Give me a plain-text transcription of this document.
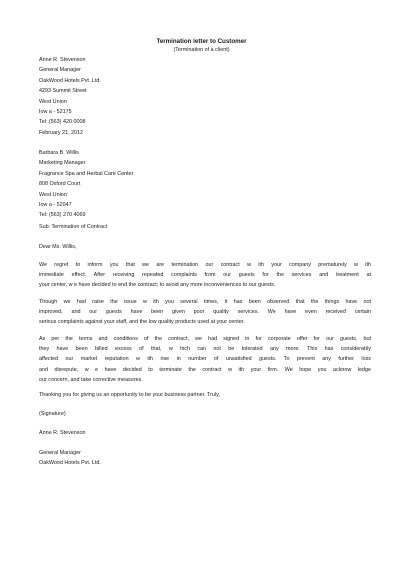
Termination letter to Customer
(Termination of a client)
Anne R. Stevenson
General Manager
OakWood Hotels Pvt. Ltd.
4293 Summit Street
West Union
Iow a - 52175
Tel: (563) 420 0008
February 21, 2012
Barbara B. Willis
Marketing Manager
Fragrance Spa and Herbal Care Center
808 Oxford Court
West Union
Iow a - 52047
Tel: (563) 270 4069
Sub: Termination of Contract
Dear Ms. Willis,
We regret to inform you that we are termination our contract w ith your company prematurely w ith
immediate effect. After receiving repeated complaints from our guests for the services and treatment at
your center, w e have decided to end the contract; to avoid any more inconveniences to our guests.
Though we had raise the issue w ith you several times, it has been observed that the things have not
improved, and our guests have been given poor quality services. We have even received certain
serious complaints against your staff, and the low quality products used at your center.
As per the terms and conditions of the contract, we had signed in for corporate offer for our guests, but
they have been billed excess of that, w hich can not be tolerated any more. This has considerably
affected our market reputation w ith rise in number of unsatisfied guests. To prevent any further loss
and disrepute, w e have decided to terminate the contract w ith your firm. We hope you acknow ledge
our concern, and take corrective measures.
Thanking you for giving us an opportunity to be your business partner. Truly,
(Signature)
Anne R. Stevenson
General Manager
OakWood Hotels Pvt. Ltd.
